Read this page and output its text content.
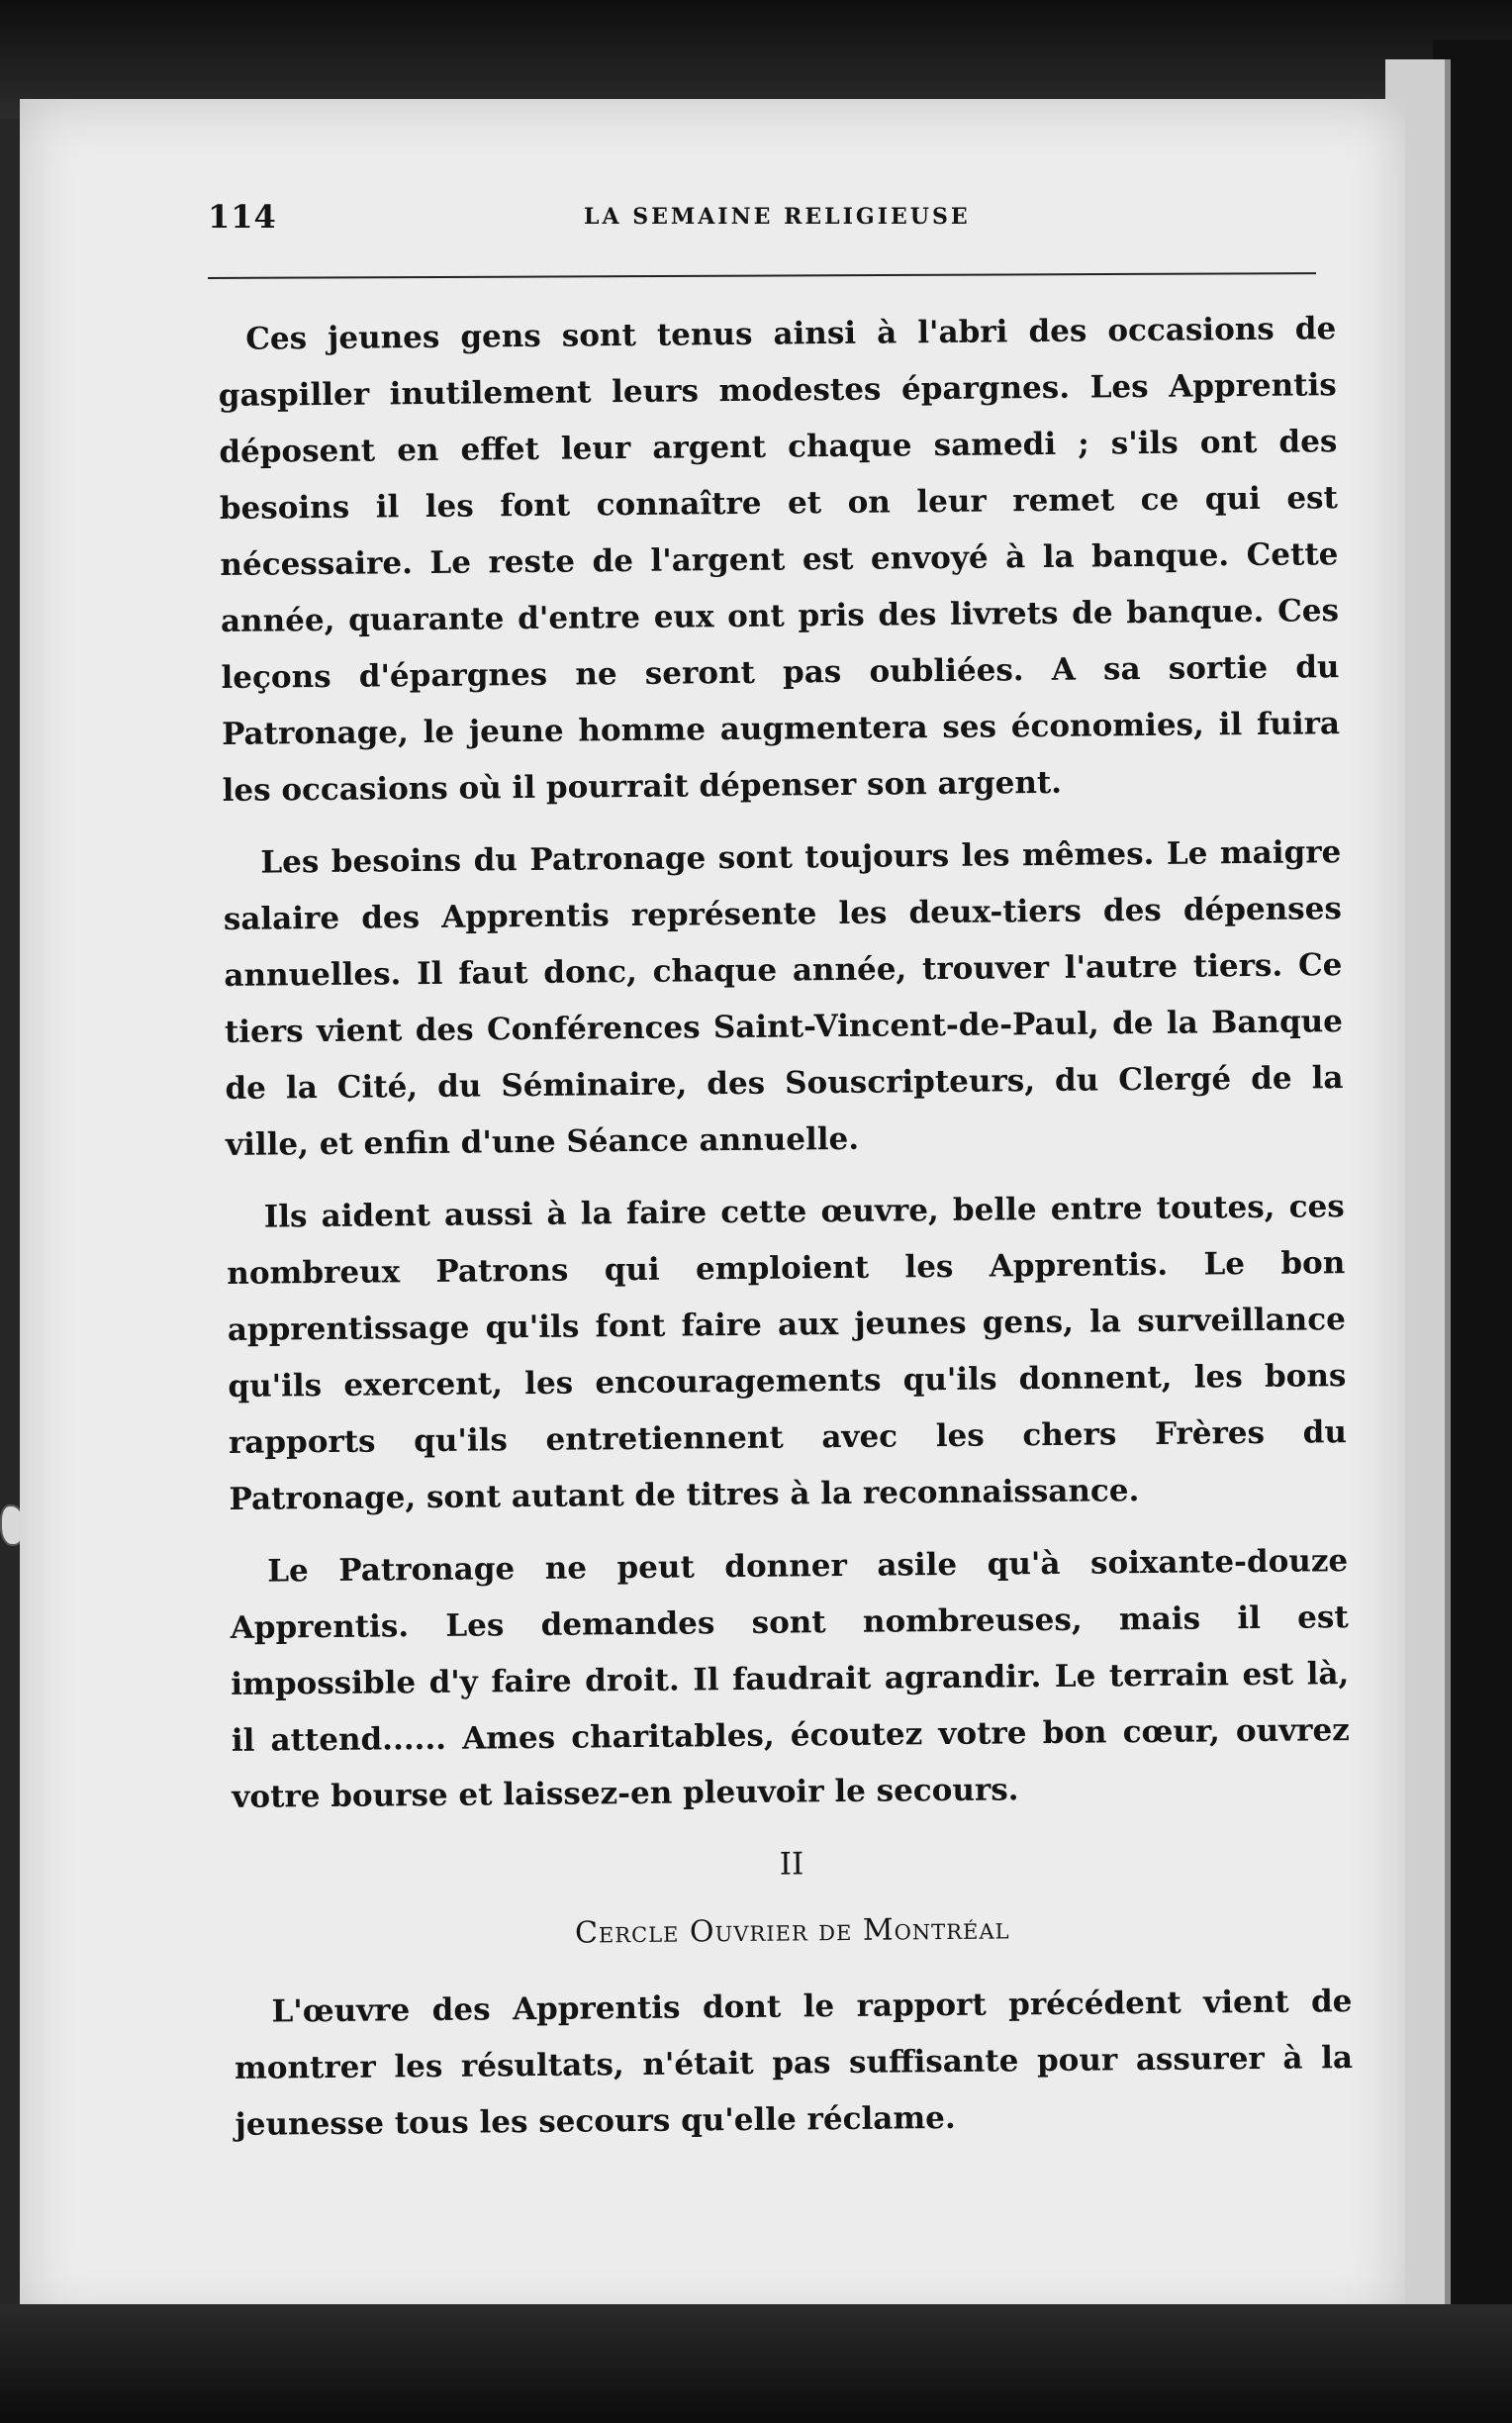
114	LA SEMAINE RELIGIEUSE

Ces jeunes gens sont tenus ainsi à l'abri des occasions de gaspiller inutilement leurs modestes épargnes. Les Apprentis déposent en effet leur argent chaque samedi ; s'ils ont des besoins il les font connaître et on leur remet ce qui est nécessaire. Le reste de l'argent est envoyé à la banque. Cette année, quarante d'entre eux ont pris des livrets de banque. Ces leçons d'épargnes ne seront pas oubliées. A sa sortie du Patronage, le jeune homme augmentera ses économies, il fuira les occasions où il pourrait dépenser son argent.

Les besoins du Patronage sont toujours les mêmes. Le maigre salaire des Apprentis représente les deux-tiers des dépenses annuelles. Il faut donc, chaque année, trouver l'autre tiers. Ce tiers vient des Conférences Saint-Vincent-de-Paul, de la Banque de la Cité, du Séminaire, des Souscripteurs, du Clergé de la ville, et enfin d'une Séance annuelle.

Ils aident aussi à la faire cette œuvre, belle entre toutes, ces nombreux Patrons qui emploient les Apprentis. Le bon apprentissage qu'ils font faire aux jeunes gens, la surveillance qu'ils exercent, les encouragements qu'ils donnent, les bons rapports qu'ils entretiennent avec les chers Frères du Patronage, sont autant de titres à la reconnaissance.

Le Patronage ne peut donner asile qu'à soixante-douze Apprentis. Les demandes sont nombreuses, mais il est impossible d'y faire droit. Il faudrait agrandir. Le terrain est là, il attend...... Ames charitables, écoutez votre bon cœur, ouvrez votre bourse et laissez-en pleuvoir le secours.

II
Cercle Ouvrier de Montréal

L'œuvre des Apprentis dont le rapport précédent vient de montrer les résultats, n'était pas suffisante pour assurer à la jeunesse tous les secours qu'elle réclame.
